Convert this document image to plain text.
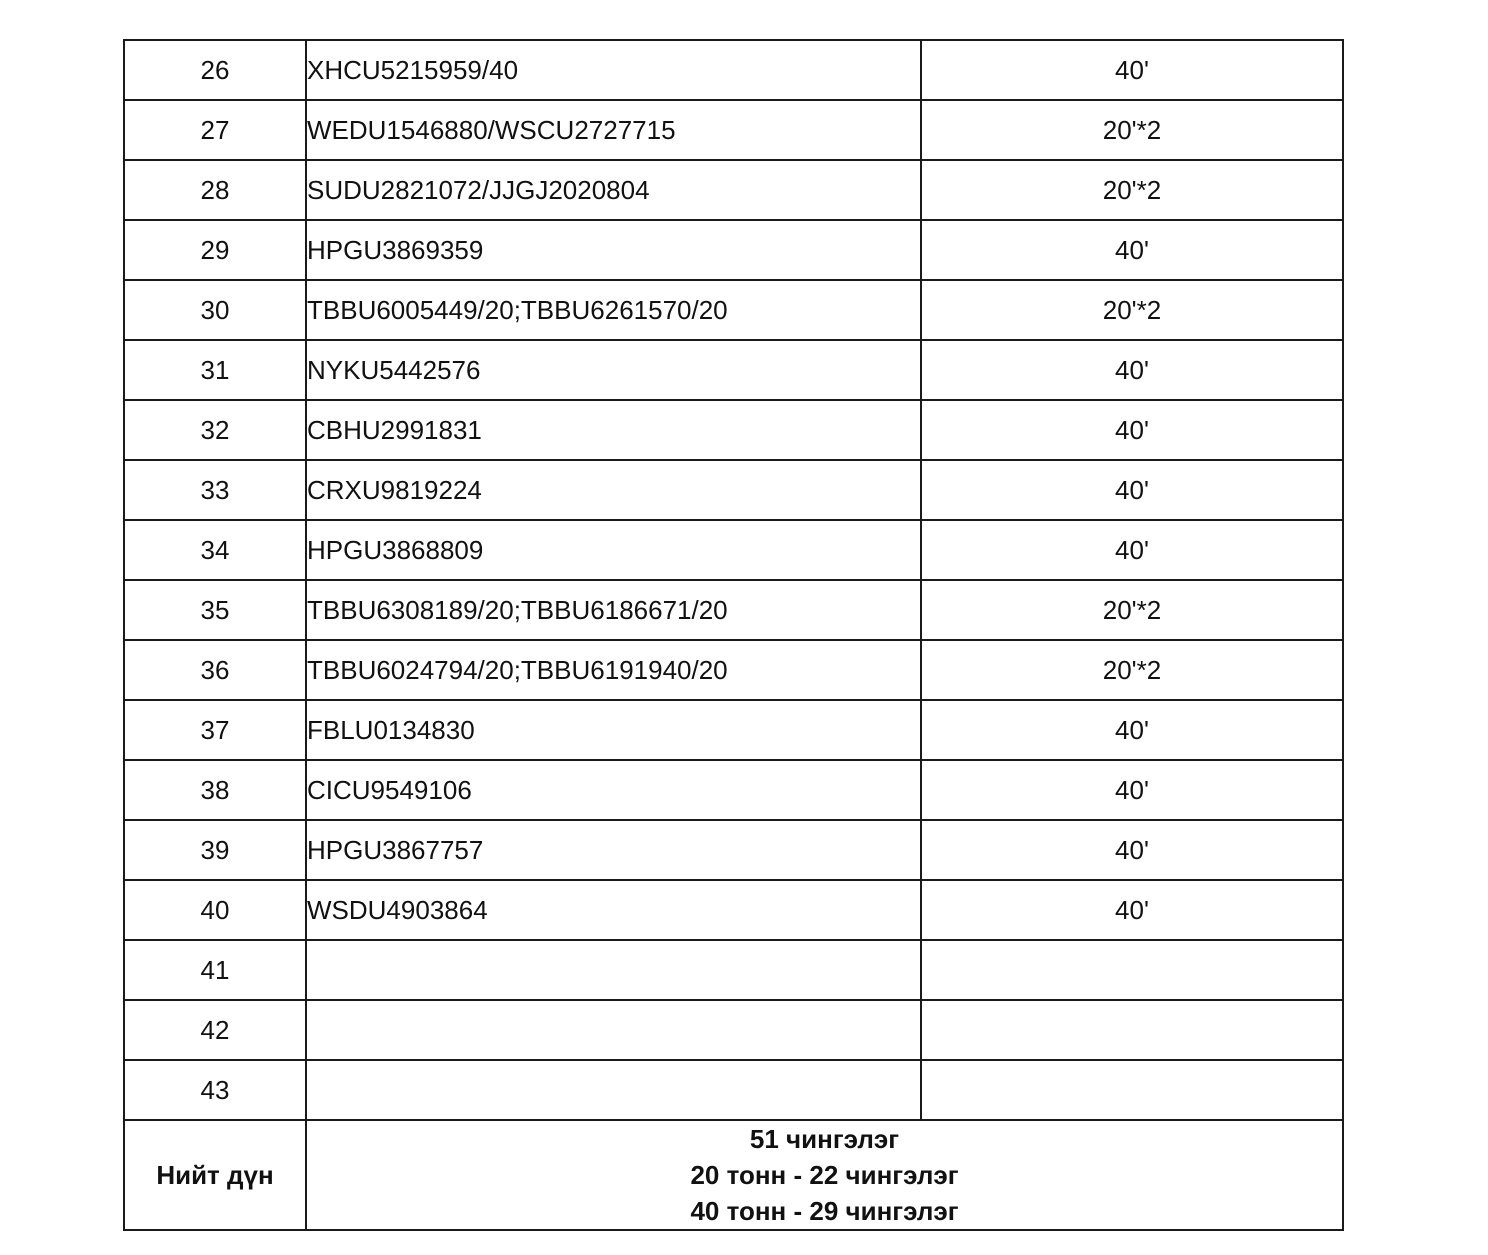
26	XHCU5215959/40	40'
27	WEDU1546880/WSCU2727715	20'*2
28	SUDU2821072/JJGJ2020804	20'*2
29	HPGU3869359	40'
30	TBBU6005449/20;TBBU6261570/20	20'*2
31	NYKU5442576	40'
32	CBHU2991831	40'
33	CRXU9819224	40'
34	HPGU3868809	40'
35	TBBU6308189/20;TBBU6186671/20	20'*2
36	TBBU6024794/20;TBBU6191940/20	20'*2
37	FBLU0134830	40'
38	CICU9549106	40'
39	HPGU3867757	40'
40	WSDU4903864	40'
41		
42		
43		
Нийт дүн	51 чингэлэг
20 тонн - 22 чингэлэг
40 тонн - 29 чингэлэг	
